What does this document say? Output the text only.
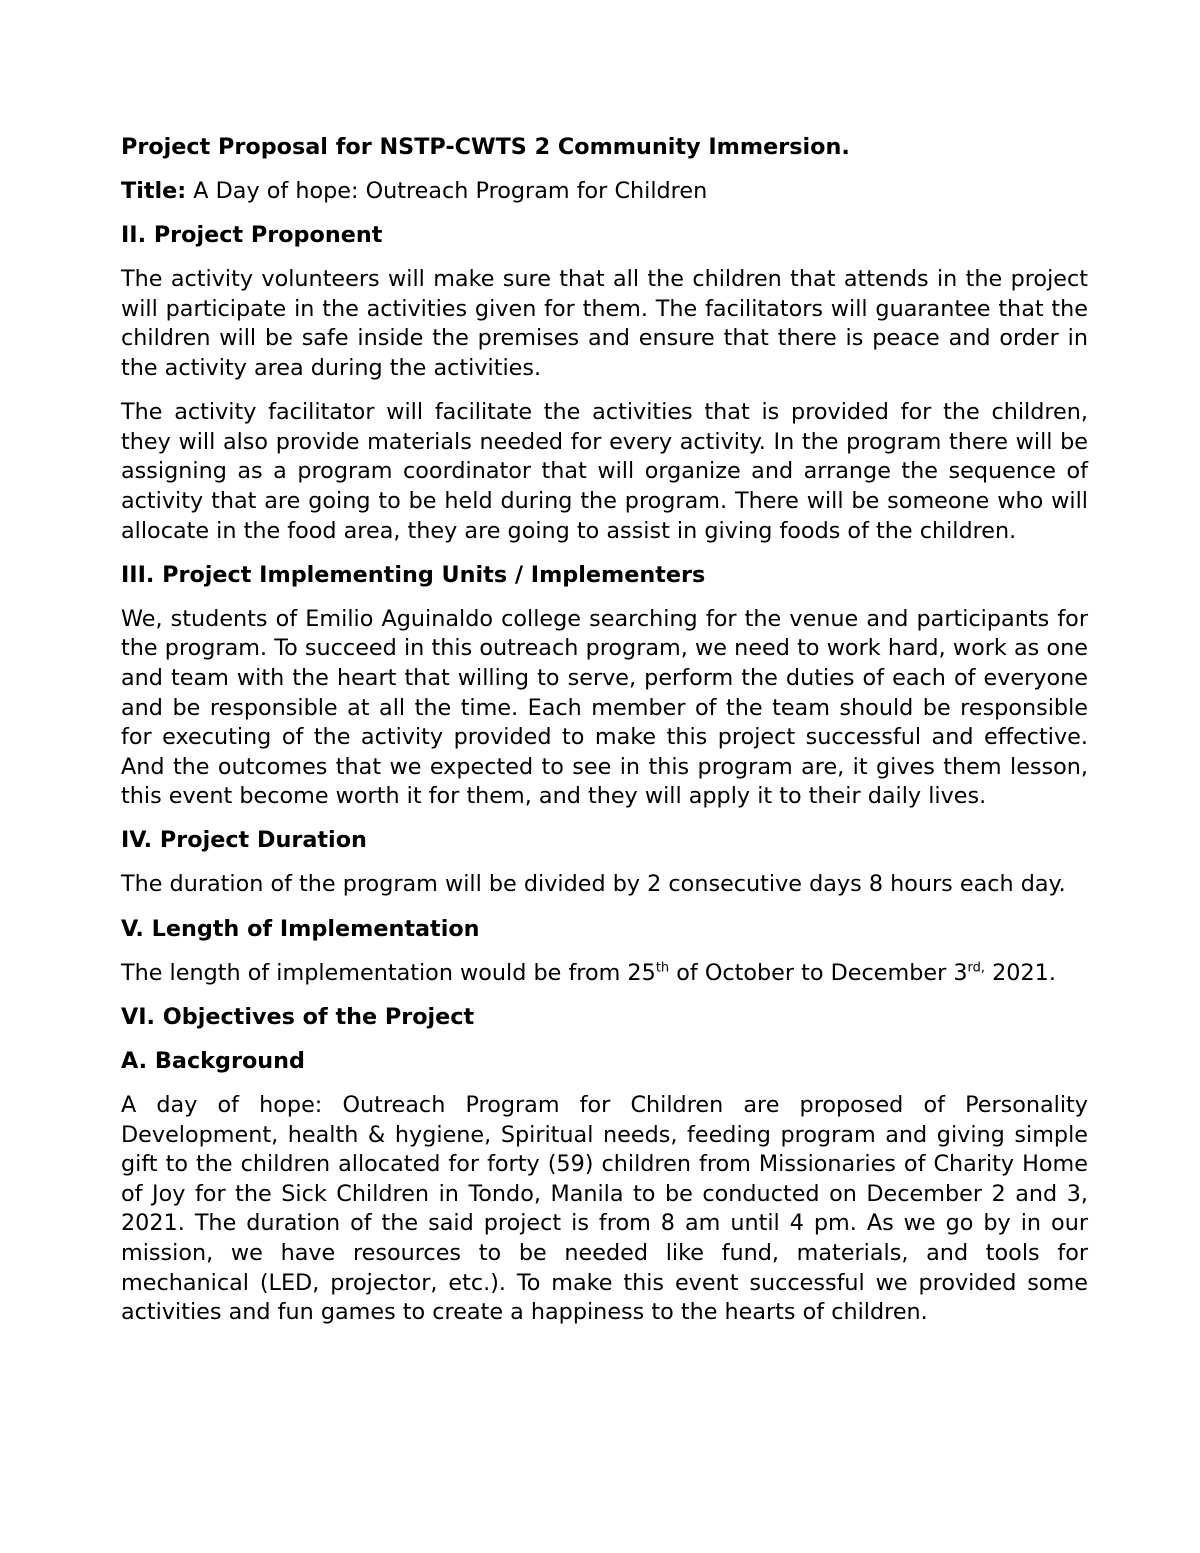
Project Proposal for NSTP-CWTS 2 Community Immersion.
Title: A Day of hope: Outreach Program for Children
II. Project Proponent

The activity volunteers will make sure that all the children that attends in the project will participate in the activities given for them. The facilitators will guarantee that the children will be safe inside the premises and ensure that there is peace and order in the activity area during the activities.

The activity facilitator will facilitate the activities that is provided for the children, they will also provide materials needed for every activity. In the program there will be assigning as a program coordinator that will organize and arrange the sequence of activity that are going to be held during the program. There will be someone who will allocate in the food area, they are going to assist in giving foods of the children.

III. Project Implementing Units / Implementers

We, students of Emilio Aguinaldo college searching for the venue and participants for the program. To succeed in this outreach program, we need to work hard, work as one and team with the heart that willing to serve, perform the duties of each of everyone and be responsible at all the time. Each member of the team should be responsible for executing of the activity provided to make this project successful and effective. And the outcomes that we expected to see in this program are, it gives them lesson, this event become worth it for them, and they will apply it to their daily lives.

IV. Project Duration

The duration of the program will be divided by 2 consecutive days 8 hours each day.

V. Length of Implementation

The length of implementation would be from 25th of October to December $3^{rd,}$ 2021.

VI. Objectives of the Project
A. Background

A day of hope: Outreach Program for Children are proposed of Personality Development, health & hygiene, Spiritual needs, feeding program and giving simple gift to the children allocated for forty (59) children from Missionaries of Charity Home of Joy for the Sick Children in Tondo, Manila to be conducted on December 2 and 3, 2021. The duration of the said project is from 8 am until 4 pm. As we go by in our mission, we have resources to be needed like fund, materials, and tools for mechanical (LED, projector, etc.). To make this event successful we provided some activities and fun games to create a happiness to the hearts of children.
